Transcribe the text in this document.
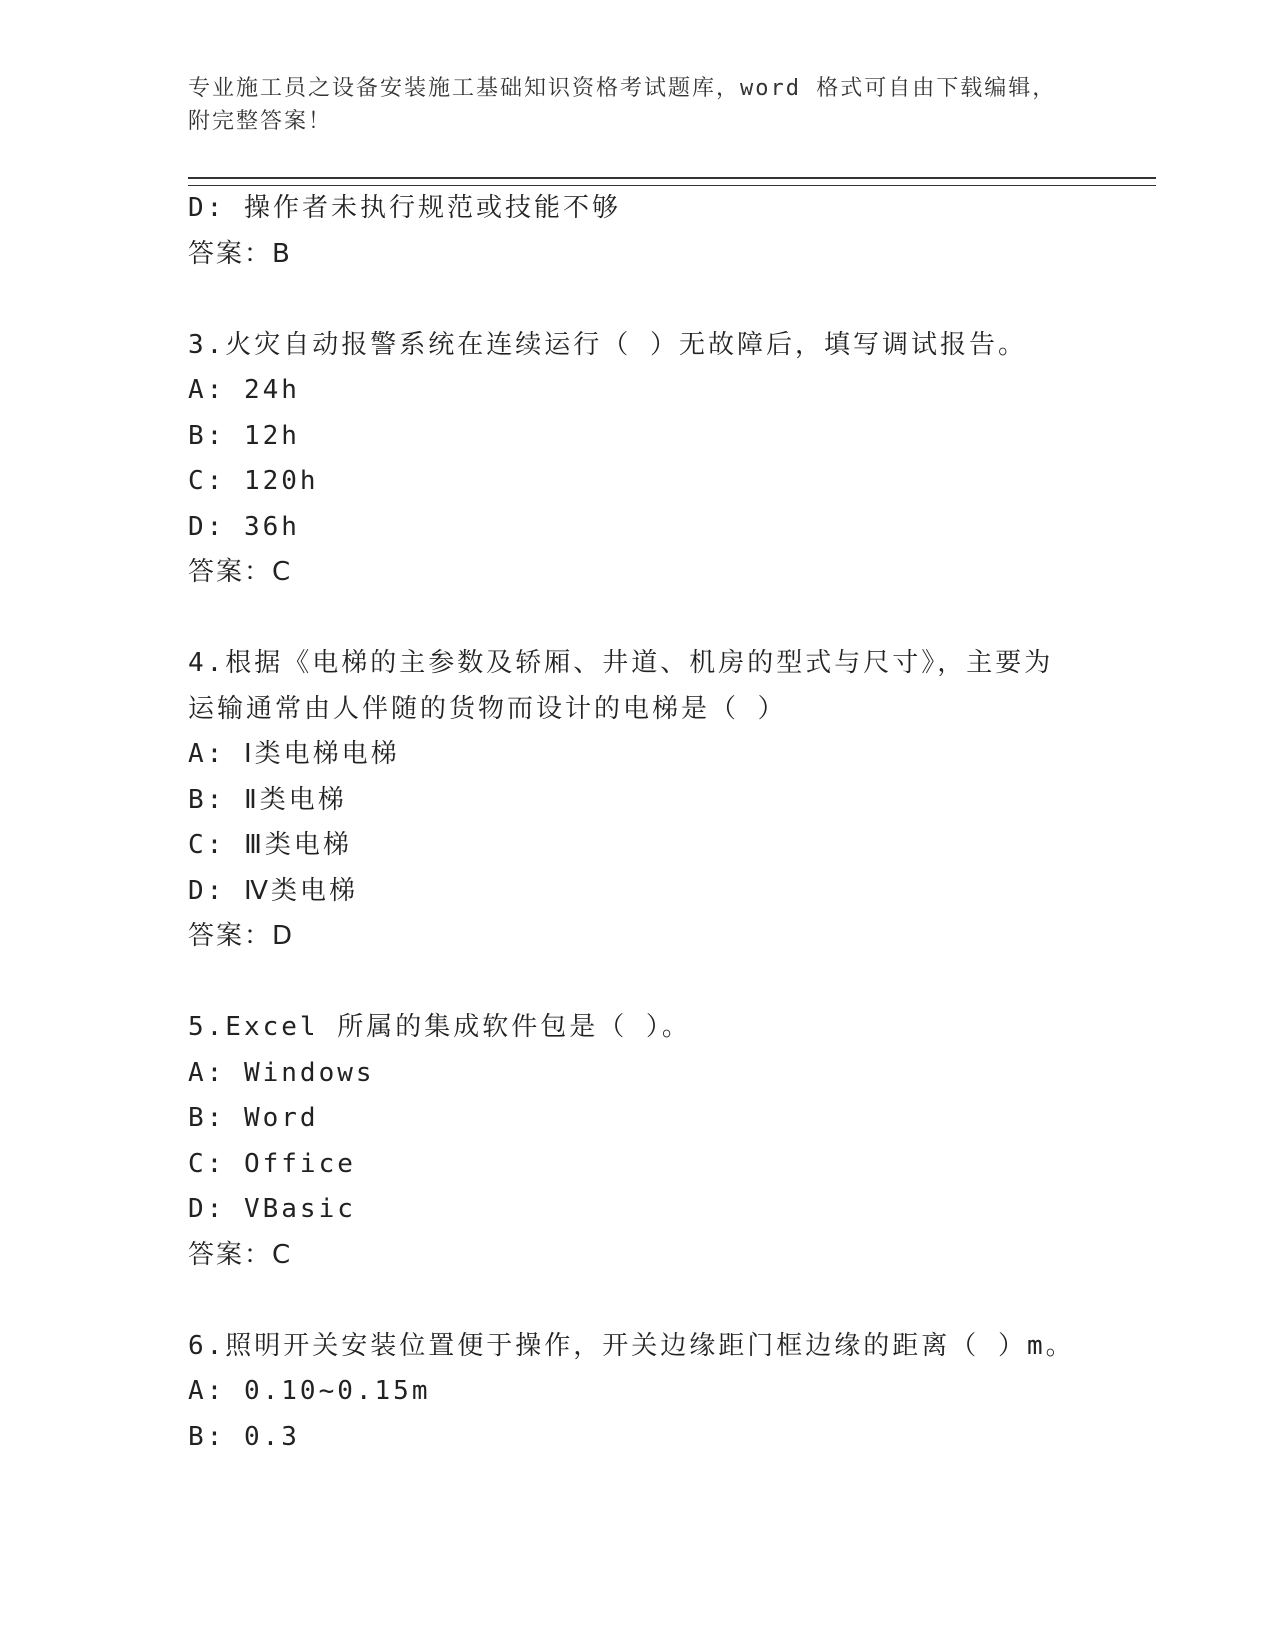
专业施工员之设备安装施工基础知识资格考试题库，word 格式可自由下载编辑，
附完整答案！
D: 操作者未执行规范或技能不够
答案：B
3.火灾自动报警系统在连续运行（ ）无故障后，填写调试报告。
A: 24h
B: 12h
C: 120h
D: 36h
答案：C
4.根据《电梯的主参数及轿厢、井道、机房的型式与尺寸》，主要为
运输通常由人伴随的货物而设计的电梯是（ ）
A: Ⅰ类电梯电梯
B: Ⅱ类电梯
C: Ⅲ类电梯
D: Ⅳ类电梯
答案：D
5.Excel 所属的集成软件包是（ ）。
A: Windows
B: Word
C: Office
D: VBasic
答案：C
6.照明开关安装位置便于操作，开关边缘距门框边缘的距离（ ）m。
A: 0.10~0.15m
B: 0.3
